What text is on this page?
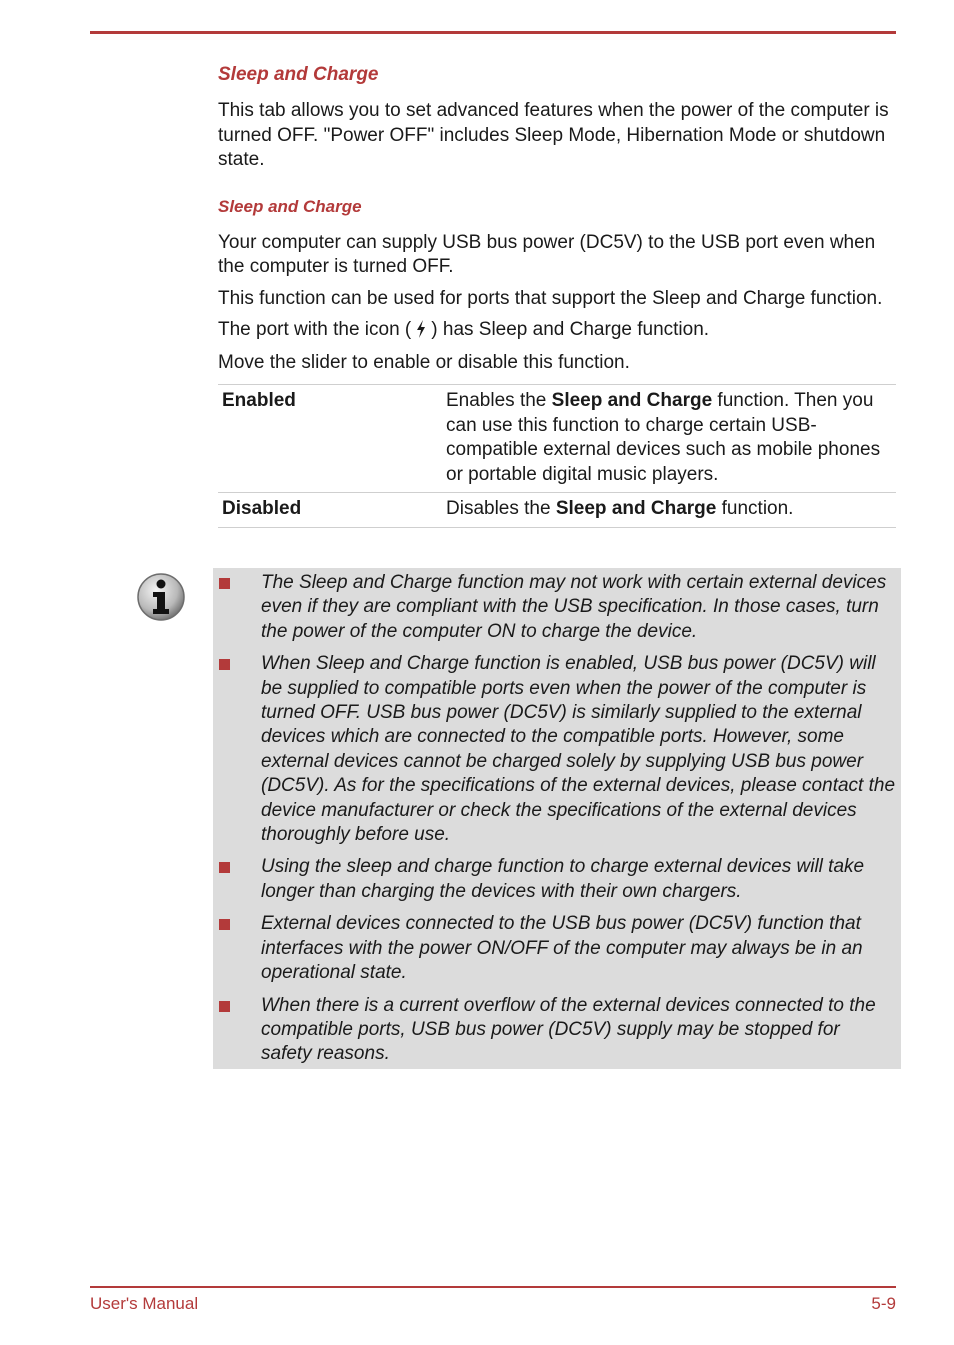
Sleep and Charge

This tab allows you to set advanced features when the power of the computer is turned OFF. "Power OFF" includes Sleep Mode, Hibernation Mode or shutdown state.

Sleep and Charge

Your computer can supply USB bus power (DC5V) to the USB port even when the computer is turned OFF.

This function can be used for ports that support the Sleep and Charge function.

The port with the icon ( ) has Sleep and Charge function.

Move the slider to enable or disable this function.

Enabled	Enables the Sleep and Charge function. Then you can use this function to charge certain USB-compatible external devices such as mobile phones or portable digital music players.
Disabled	Disables the Sleep and Charge function.
The Sleep and Charge function may not work with certain external devices even if they are compliant with the USB specification. In those cases, turn the power of the computer ON to charge the device.
When Sleep and Charge function is enabled, USB bus power (DC5V) will be supplied to compatible ports even when the power of the computer is turned OFF. USB bus power (DC5V) is similarly supplied to the external devices which are connected to the compatible ports. However, some external devices cannot be charged solely by supplying USB bus power (DC5V). As for the specifications of the external devices, please contact the device manufacturer or check the specifications of the external devices thoroughly before use.
Using the sleep and charge function to charge external devices will take longer than charging the devices with their own chargers.
External devices connected to the USB bus power (DC5V) function that interfaces with the power ON/OFF of the computer may always be in an operational state.
When there is a current overflow of the external devices connected to the compatible ports, USB bus power (DC5V) supply may be stopped for safety reasons.
User's Manual	5-9
